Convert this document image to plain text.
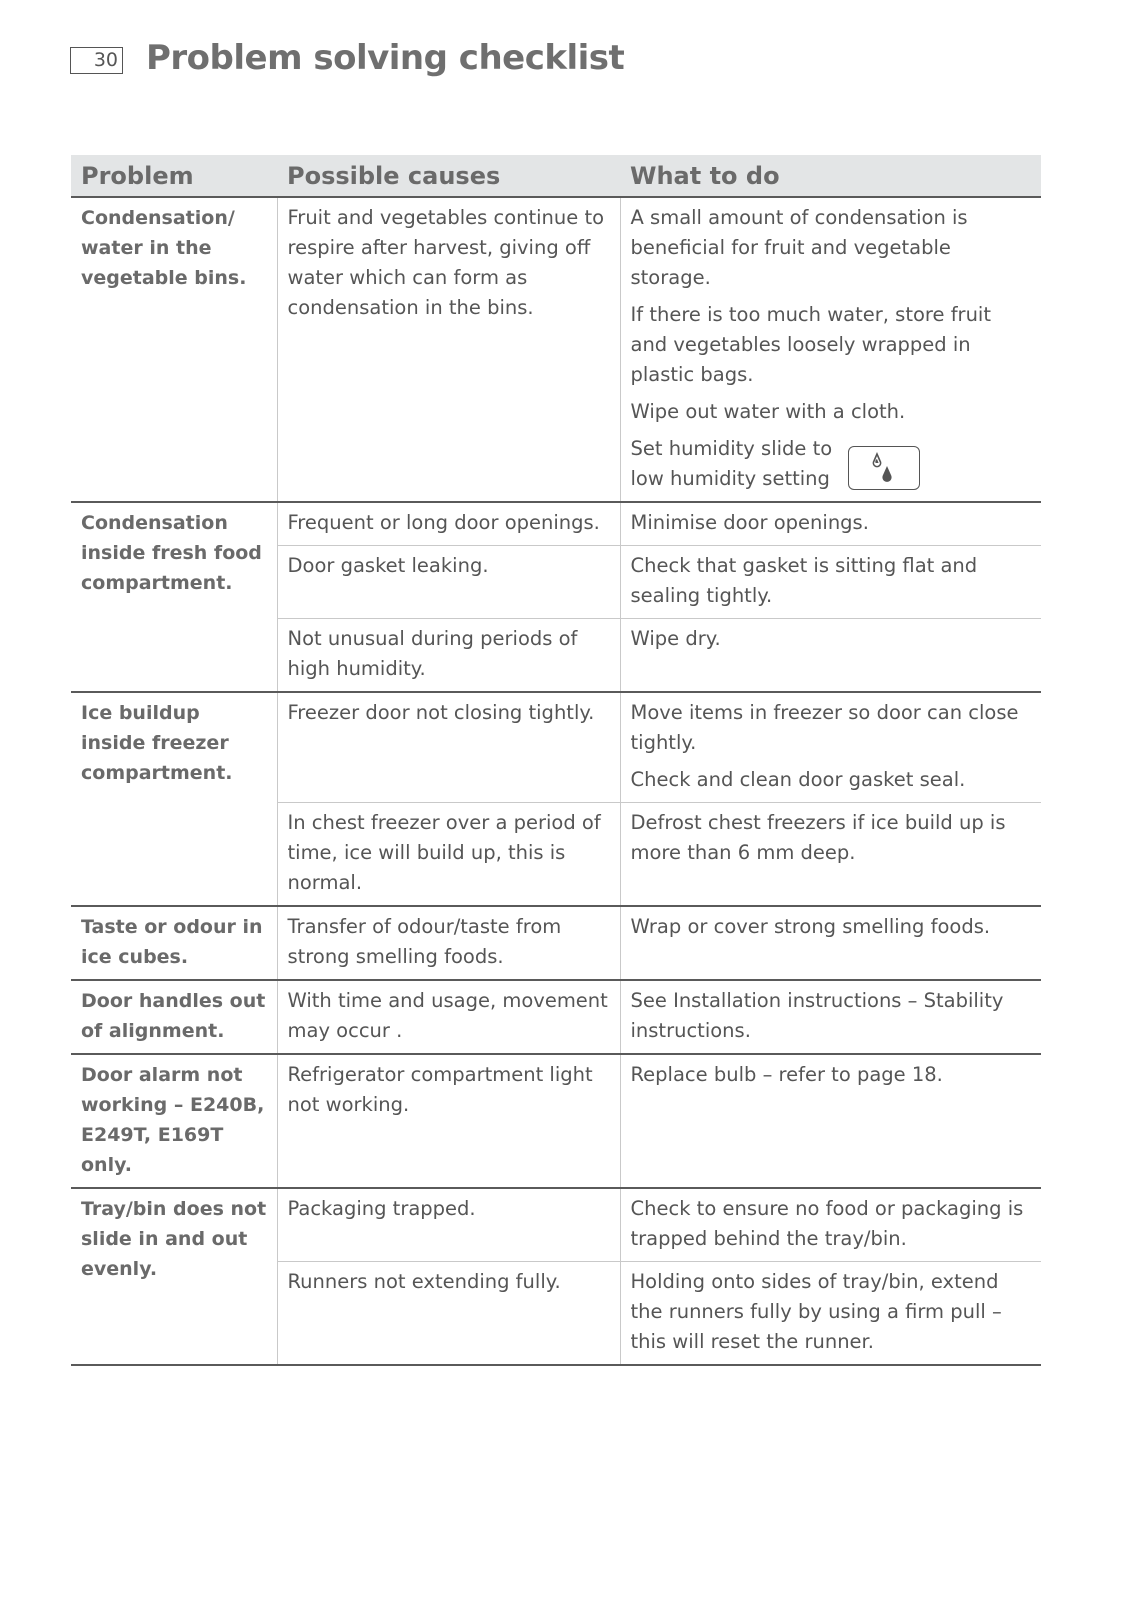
30 Problem solving checklist
Problem	Possible causes	What to do
Condensation/ water in the vegetable bins.	Fruit and vegetables continue to respire after harvest, giving off water which can form as condensation in the bins.	A small amount of condensation is beneficial for fruit and vegetable storage.
If there is too much water, store fruit and vegetables loosely wrapped in plastic bags.
Wipe out water with a cloth.
Set humidity slide to low humidity setting

Condensation inside fresh food compartment.	Frequent or long door openings.	Minimise door openings.
	Door gasket leaking.	Check that gasket is sitting flat and sealing tightly.
	Not unusual during periods of high humidity.	Wipe dry.
Ice buildup inside freezer compartment.	Freezer door not closing tightly.	Move items in freezer so door can close tightly.
Check and clean door gasket seal.

	In chest freezer over a period of time, ice will build up, this is normal.	Defrost chest freezers if ice build up is more than 6 mm deep.
Taste or odour in ice cubes.	Transfer of odour/taste from strong smelling foods.	Wrap or cover strong smelling foods.
Door handles out of alignment.	With time and usage, movement may occur .	See Installation instructions – Stability instructions.
Door alarm not working – E240B, E249T, E169T only.	Refrigerator compartment light not working.	Replace bulb – refer to page 18.
Tray/bin does not slide in and out evenly.	Packaging trapped.	Check to ensure no food or packaging is trapped behind the tray/bin.
	Runners not extending fully.	Holding onto sides of tray/bin, extend the runners fully by using a firm pull – this will reset the runner.
